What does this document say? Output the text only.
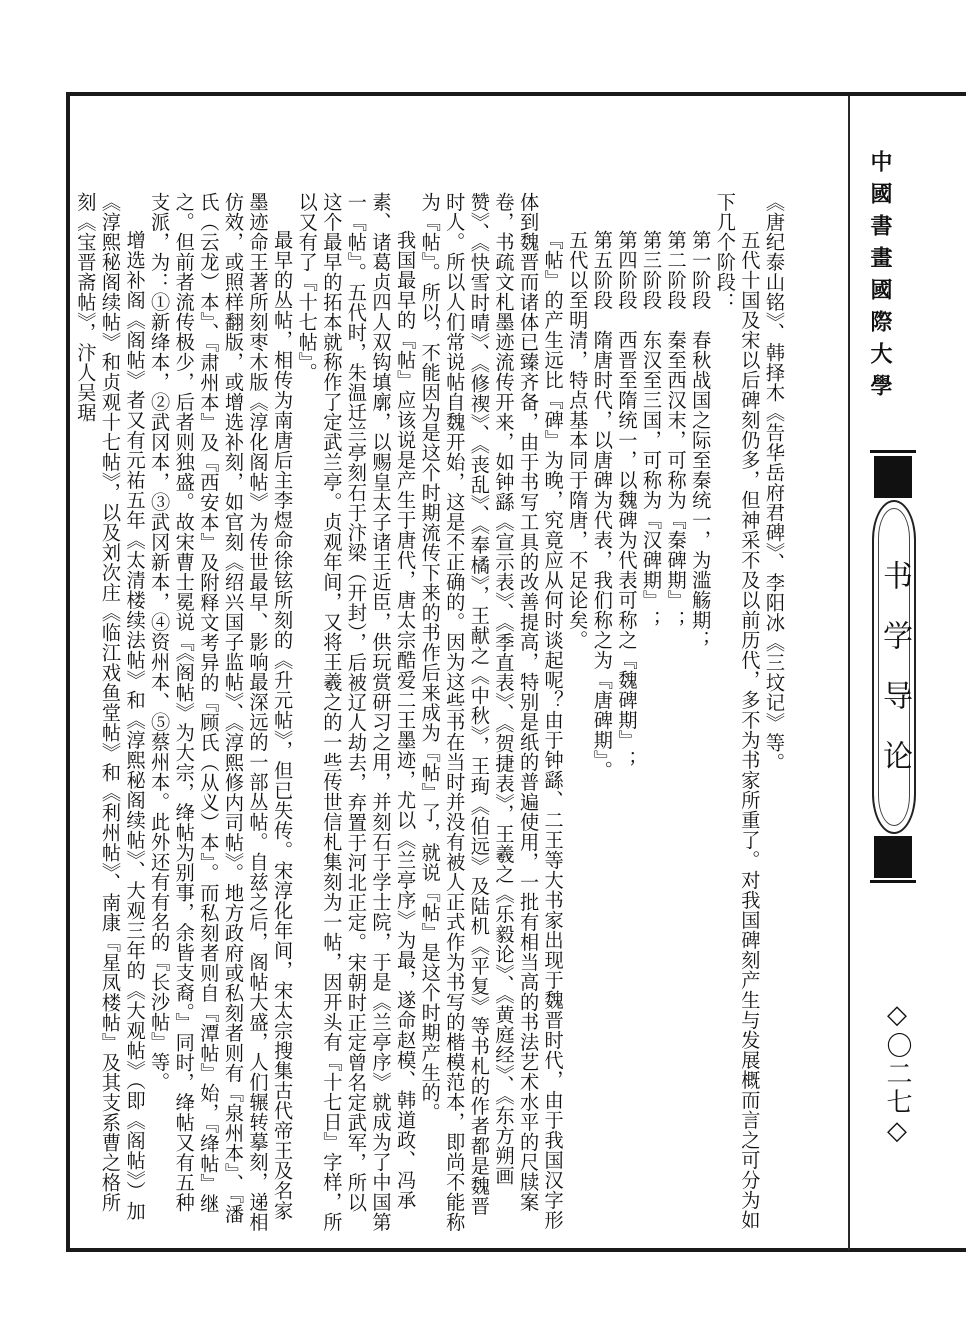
中國書畫國際大學
书学导论
◇〇二七◇

《唐纪泰山铭》、韩择木《告华岳府君碑》、李阳冰《三坟记》等。

五代十国及宋以后碑刻仍多，但神采不及以前历代，多不为书家所重了。对我国碑刻产生与发展概而言之可分为如下几个阶段：

第一阶段　春秋战国之际至秦统一，为滥觞期；

第二阶段　秦至西汉末，可称为『秦碑期』；

第三阶段　东汉至三国，可称为『汉碑期』；

第四阶段　西晋至隋统一，以魏碑为代表可称之『魏碑期』；

第五阶段　隋唐时代，以唐碑为代表，我们称之为『唐碑期』。

五代以至明清，特点基本同于隋唐，不足论矣。

『帖』的产生远比『碑』为晚，究竟应从何时谈起呢？由于钟繇、二王等大书家出现于魏晋时代，由于我国汉字形体到魏晋而诸体已臻齐备，由于书写工具的改善提高，特别是纸的普遍使用，一批有相当高的书法艺术水平的尺牍案卷，书疏文札墨迹流传开来，如钟繇《宣示表》、《季直表》、《贺捷表》，王羲之《乐毅论》、《黄庭经》、《东方朔画赞》、《快雪时晴》、《修禊》、《丧乱》、《奉橘》，王献之《中秋》，王珣《伯远》及陆机《平复》等书札的作者都是魏晋时人。所以人们常说帖自魏开始，这是不正确的。因为这些书在当时并没有被人正式作为书写的楷模范本，即尚不能称为『帖』。所以，不能因为是这个时期流传下来的书作后来成为『帖』了，就说『帖』是这个时期产生的。

我国最早的『帖』应该说是产生于唐代，唐太宗酷爱二王墨迹，尤以《兰亭序》为最，遂命赵模、韩道政、冯承素、诸葛贞四人双钩填廓，以赐皇太子诸王近臣，供玩赏研习之用，并刻石于学士院，于是《兰亭序》就成为了中国第一『帖』。五代时，朱温迁兰亭刻石于汴梁（开封），后被辽人劫去，弃置于河北正定。宋朝时正定曾名定武军，所以这个最早的拓本就称作了定武兰亭。贞观年间，又将王羲之的一些传世信札集刻为一帖，因开头有『十七日』字样，所以又有了『十七帖』。

最早的丛帖，相传为南唐后主李煜命徐铉所刻的《升元帖》，但已失传。宋淳化年间，宋太宗搜集古代帝王及名家墨迹命王著所刻枣木版《淳化阁帖》为传世最早、影响最深远的一部丛帖。自兹之后，阁帖大盛，人们辗转摹刻，递相仿效，或照样翻版，或增选补刻，如官刻《绍兴国子监帖》、《淳熙修内司帖》。地方政府或私刻者则有『泉州本』、『潘氏（云龙）本』、『肃州本』及『西安本』及附释文考异的『顾氏（从义）本』。而私刻者则自『潭帖』始，『绛帖』继之。但前者流传极少，后者则独盛。故宋曹士冕说『《阁帖》为大宗，绛帖为别事，余皆支裔。』同时，绛帖又有五种支派，为：①新绛本，②武冈本，③武冈新本，④资州本、⑤蔡州本。此外还有有名的『长沙帖』等。

增选补阁《阁帖》者又有元祐五年《太清楼续法帖》和《淳熙秘阁续帖》、大观三年的《大观帖》（即《阁帖》）加《淳熙秘阁续帖》和贞观十七帖》，以及刘次庄《临江戏鱼堂帖》和《利州帖》、南康『星凤楼帖』及其支系曹之格所刻《宝晋斋帖》，汴人吴琚
